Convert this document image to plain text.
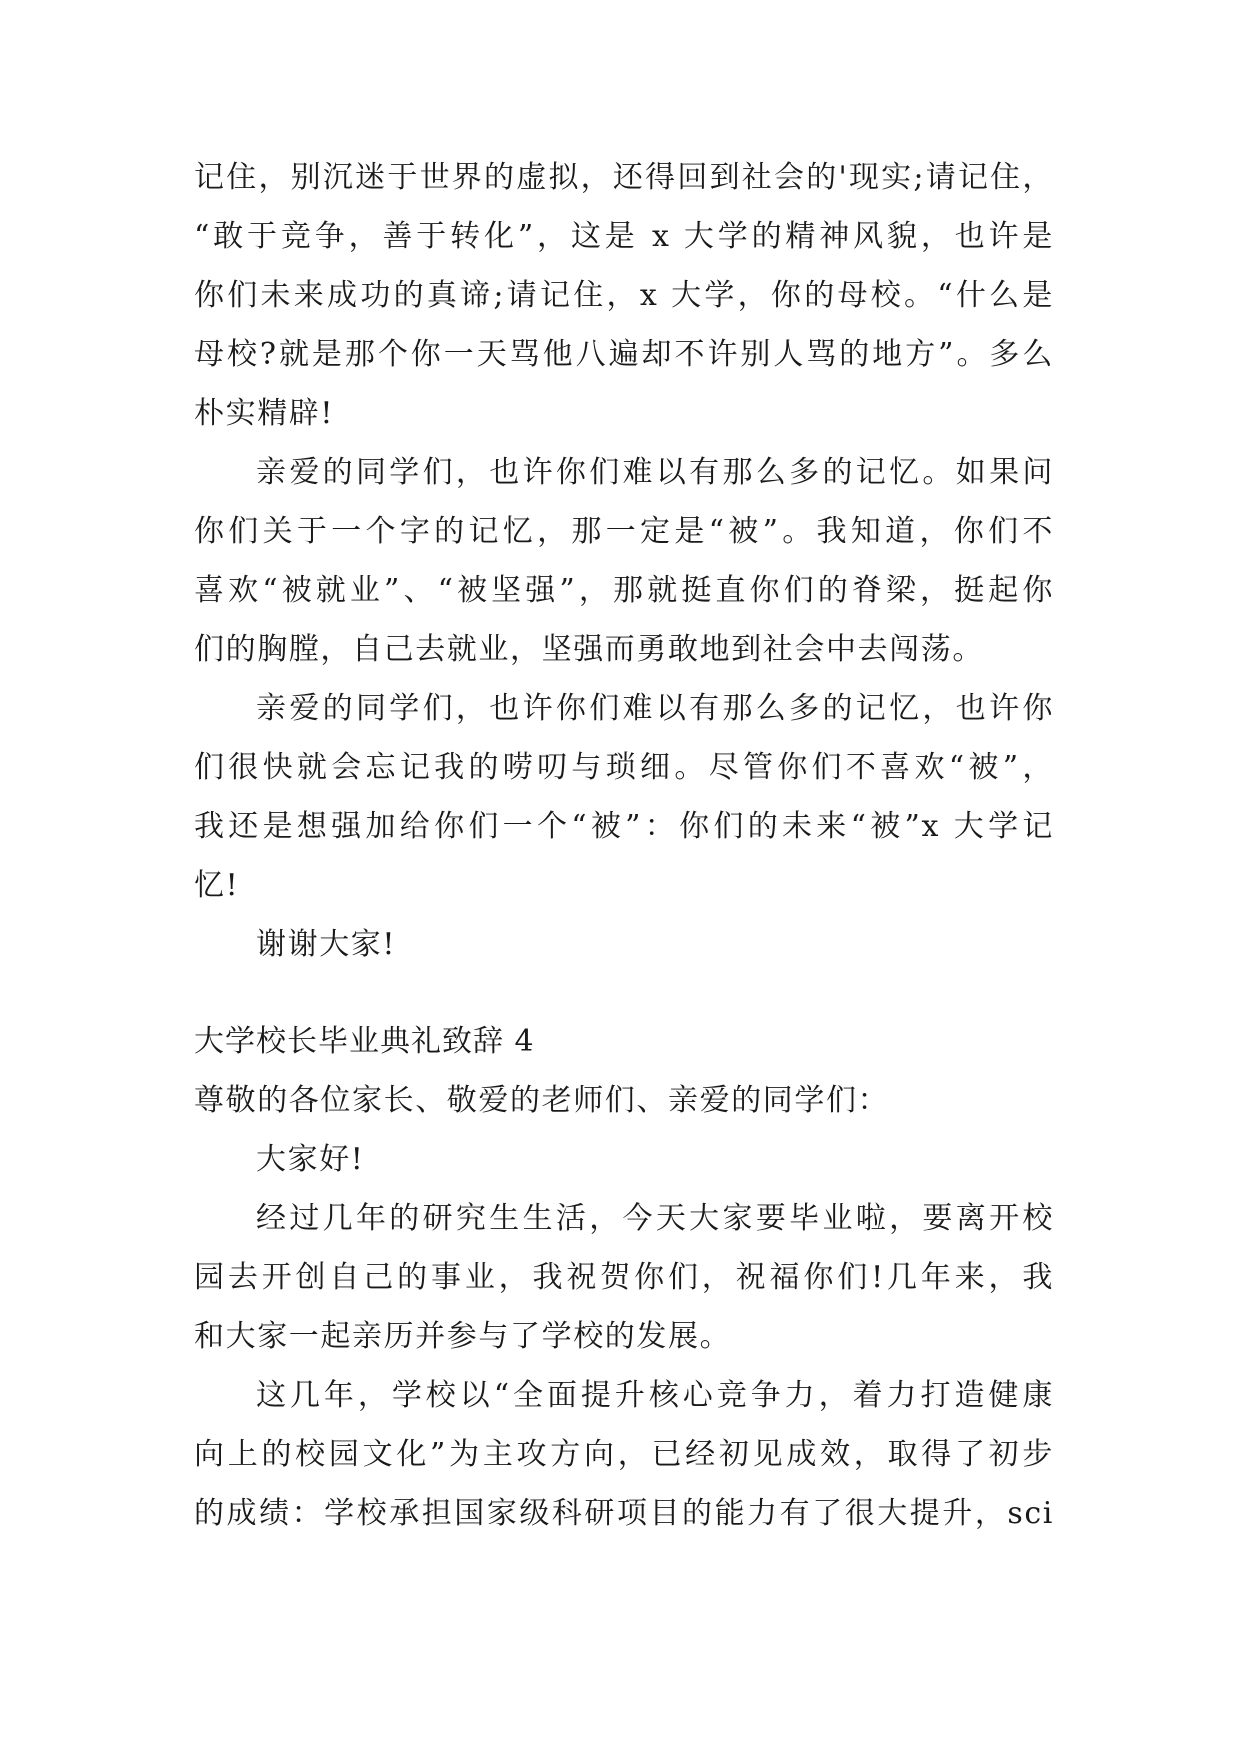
记住，别沉迷于世界的虚拟，还得回到社会的'现实;请记住，

“敢于竞争，善于转化”，这是 x 大学的精神风貌，也许是

你们未来成功的真谛;请记住，x 大学，你的母校。“什么是

母校?就是那个你一天骂他八遍却不许别人骂的地方”。多么

朴实精辟!

亲爱的同学们，也许你们难以有那么多的记忆。如果问

你们关于一个字的记忆，那一定是“被”。我知道，你们不

喜欢“被就业”、“被坚强”，那就挺直你们的脊梁，挺起你

们的胸膛，自己去就业，坚强而勇敢地到社会中去闯荡。

亲爱的同学们，也许你们难以有那么多的记忆，也许你

们很快就会忘记我的唠叨与琐细。尽管你们不喜欢“被”，

我还是想强加给你们一个“被”：你们的未来“被”x 大学记

忆!

谢谢大家!

大学校长毕业典礼致辞 4

尊敬的各位家长、敬爱的老师们、亲爱的同学们：

大家好!

经过几年的研究生生活，今天大家要毕业啦，要离开校

园去开创自己的事业，我祝贺你们，祝福你们!几年来，我

和大家一起亲历并参与了学校的发展。

这几年，学校以“全面提升核心竞争力，着力打造健康

向上的校园文化”为主攻方向，已经初见成效，取得了初步

的成绩：学校承担国家级科研项目的能力有了很大提升，sci
